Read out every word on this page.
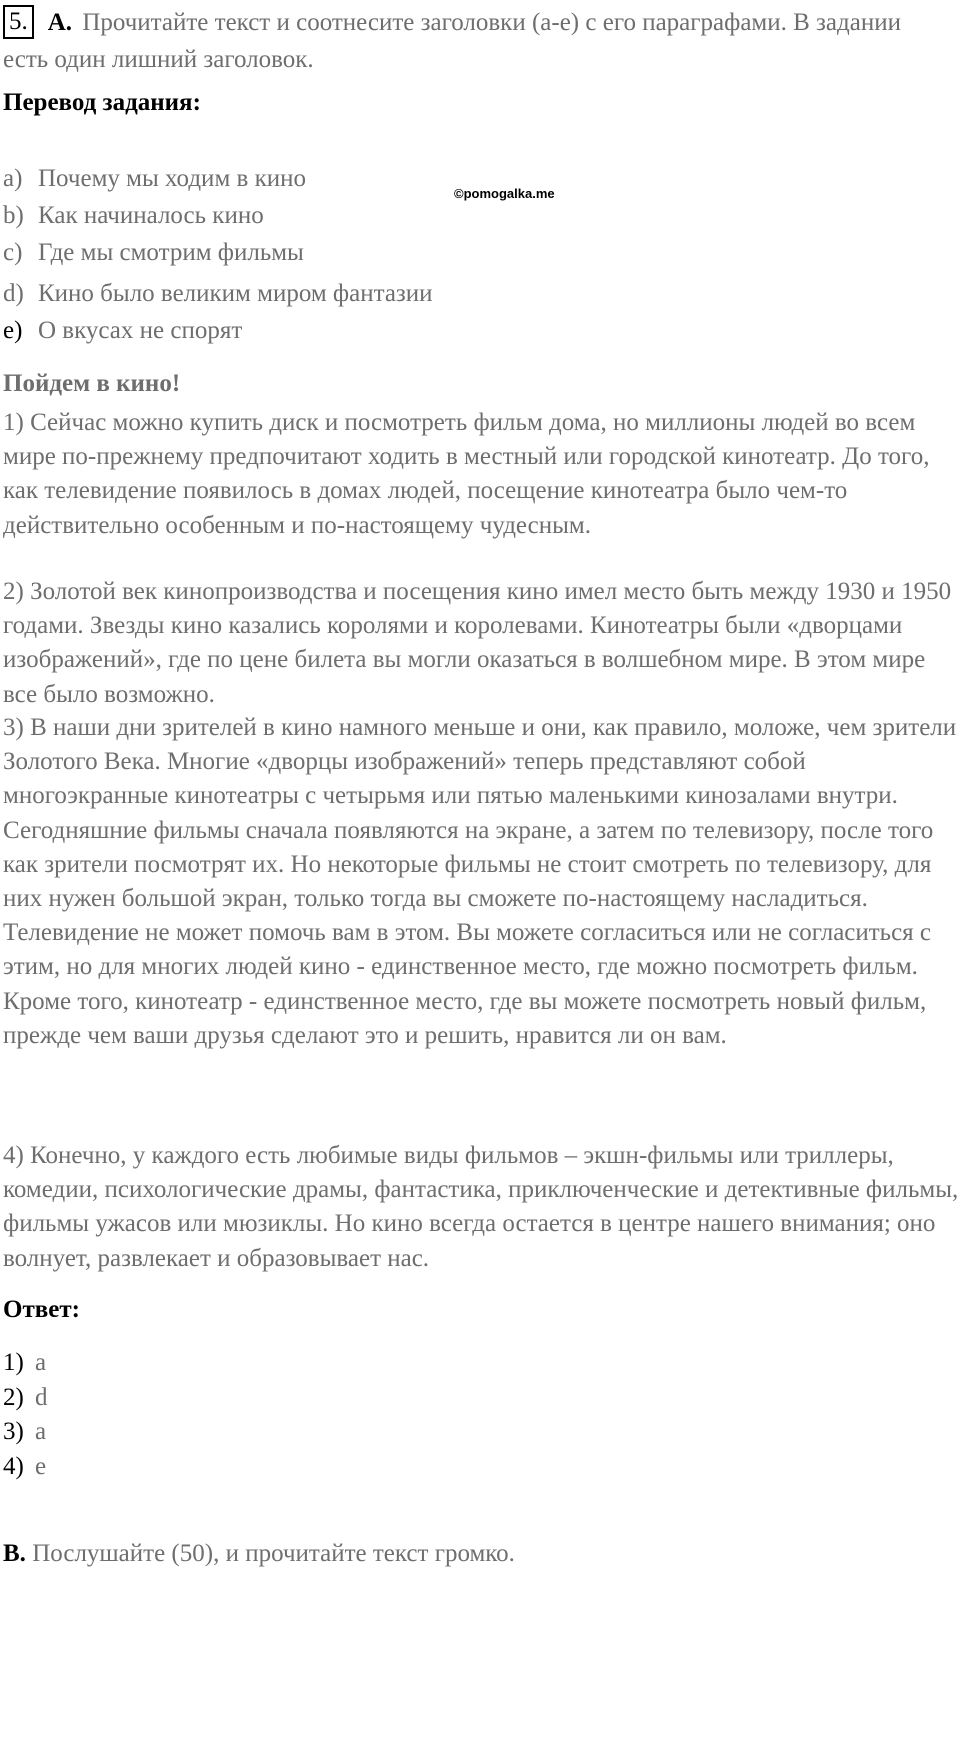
5. A. Прочитайте текст и соотнесите заголовки (a-e) с его параграфами. В задании есть один лишний заголовок.
Перевод задания:
a) Почему мы ходим в кино
b) Как начиналось кино
c) Где мы смотрим фильмы
d) Кино было великим миром фантазии
e) О вкусах не спорят
©pomogalka.me
Пойдем в кино!

1) Сейчас можно купить диск и посмотреть фильм дома, но миллионы людей во всем мире по-прежнему предпочитают ходить в местный или городской кинотеатр. До того, как телевидение появилось в домах людей, посещение кинотеатра было чем-то действительно особенным и по-настоящему чудесным.

2) Золотой век кинопроизводства и посещения кино имел место быть между 1930 и 1950 годами. Звезды кино казались королями и королевами. Кинотеатры были «дворцами изображений», где по цене билета вы могли оказаться в волшебном мире. В этом мире все было возможно.

3) В наши дни зрителей в кино намного меньше и они, как правило, моложе, чем зрители Золотого Века. Многие «дворцы изображений» теперь представляют собой многоэкранные кинотеатры с четырьмя или пятью маленькими кинозалами внутри. Сегодняшние фильмы сначала появляются на экране, а затем по телевизору, после того как зрители посмотрят их. Но некоторые фильмы не стоит смотреть по телевизору, для них нужен большой экран, только тогда вы сможете по-настоящему насладиться. Телевидение не может помочь вам в этом. Вы можете согласиться или не согласиться с этим, но для многих людей кино - единственное место, где можно посмотреть фильм. Кроме того, кинотеатр - единственное место, где вы можете посмотреть новый фильм, прежде чем ваши друзья сделают это и решить, нравится ли он вам.

4) Конечно, у каждого есть любимые виды фильмов – экшн-фильмы или триллеры, комедии, психологические драмы, фантастика, приключенческие и детективные фильмы, фильмы ужасов или мюзиклы. Но кино всегда остается в центре нашего внимания; оно волнует, развлекает и образовывает нас.

Ответ:
1) a
2) d
3) a
4) e
B. Послушайте (50), и прочитайте текст громко.
